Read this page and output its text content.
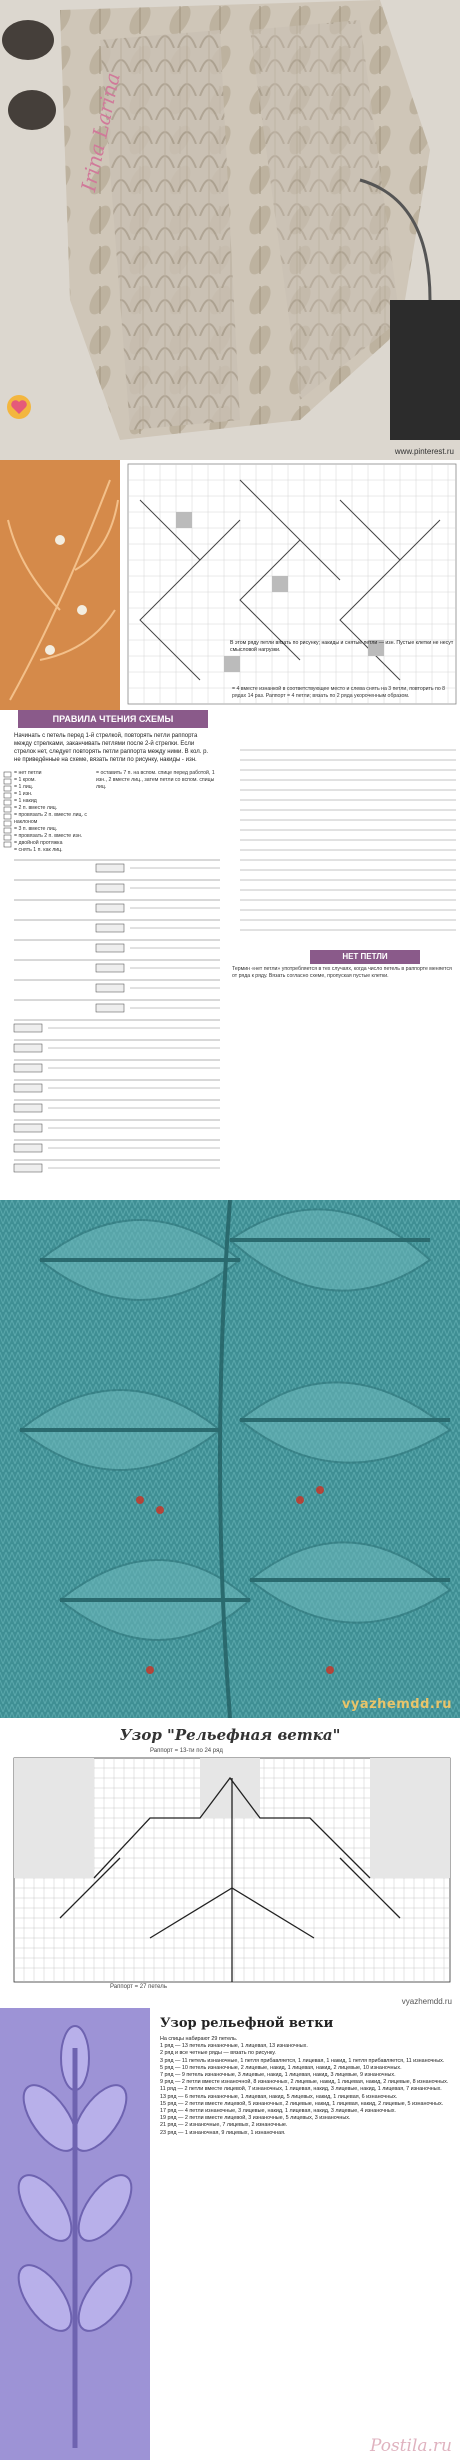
Irina Larina
www.pinterest.ru
В этом ряду петли вязать по рисунку; накиды и снятые петли — изн. Пустые клетки не несут смысловой нагрузки.
ПРАВИЛА ЧТЕНИЯ СХЕМЫ
Начинать с петель перед 1-й стрелкой, повторять петли раппорта между стрелками, заканчивать петлями после 2-й стрелки. Если стрелок нет, следует повторять петли раппорта между ними. В кол. р. не приведённые на схеме, вязать петли по рисунку, накиды - изн.
= нет петли
= 1 кром.
= 1 лиц.
= 1 изн.
= 1 накид
= 2 п. вместе лиц.
= провязать 2 п. вместе лиц. с наклоном
= 3 п. вместе лиц.
= провязать 2 п. вместе изн.
= двойной протяжка
= снять 1 п. как лиц.
= оставить 7 п. на вспом. спице перед работой, 1 изн., 2 вместе лиц., затем петли со вспом. спицы лиц.
= 4 вместе изнанкой в соответствующее место и слева снять на 3 петли, повторить по 8 рядах 14 раз. Раппорт = 4 петли; вязать по 2 ряда укороченным образом.
НЕТ ПЕТЛИ
Термин «нет петли» употребляется в тех случаях, когда число петель в раппорте меняется от ряда к ряду. Вязать согласно схеме, пропуская пустые клетки.
vyazhemdd.ru
Узор "Рельефная ветка"
Раппорт = 13-ти по 24 ряд
Раппорт = 27 петель
vyazhemdd.ru
Узор рельефной ветки
На спицы набирают 29 петель.
1 ряд — 13 петель изнаночные, 1 лицевая, 13 изнаночных.
2 ряд и все четные ряды — вязать по рисунку.
3 ряд — 11 петель изнаночные, 1 петля прибавляется, 1 лицевая, 1 накид, 1 петля прибавляется, 11 изнаночных.
5 ряд — 10 петель изнаночные, 2 лицевые, накид, 1 лицевая, накид, 2 лицевые, 10 изнаночных.
7 ряд — 9 петель изнаночные, 3 лицевые, накид, 1 лицевая, накид, 3 лицевые, 9 изнаночных.
9 ряд — 2 петли вместе изнаночной, 8 изнаночных, 2 лицевые, накид, 1 лицевая, накид, 2 лицевые, 8 изнаночных.
11 ряд — 2 петли вместе лицевой, 7 изнаночных, 1 лицевая, накид, 3 лицевые, накид, 1 лицевая, 7 изнаночных.
13 ряд — 6 петель изнаночные, 1 лицевая, накид, 5 лицевых, накид, 1 лицевая, 6 изнаночных.
15 ряд — 2 петли вместе лицевой, 5 изнаночных, 2 лицевые, накид, 1 лицевая, накид, 2 лицевые, 5 изнаночных.
17 ряд — 4 петли изнаночные, 3 лицевые, накид, 1 лицевая, накид, 3 лицевые, 4 изнаночных.
19 ряд — 2 петли вместе лицевой, 3 изнаночные, 5 лицевых, 3 изнаночных.
21 ряд — 2 изнаночные, 7 лицевых, 2 изнаночные.
23 ряд — 1 изнаночная, 9 лицевых, 1 изнаночная.
Postila.ru
